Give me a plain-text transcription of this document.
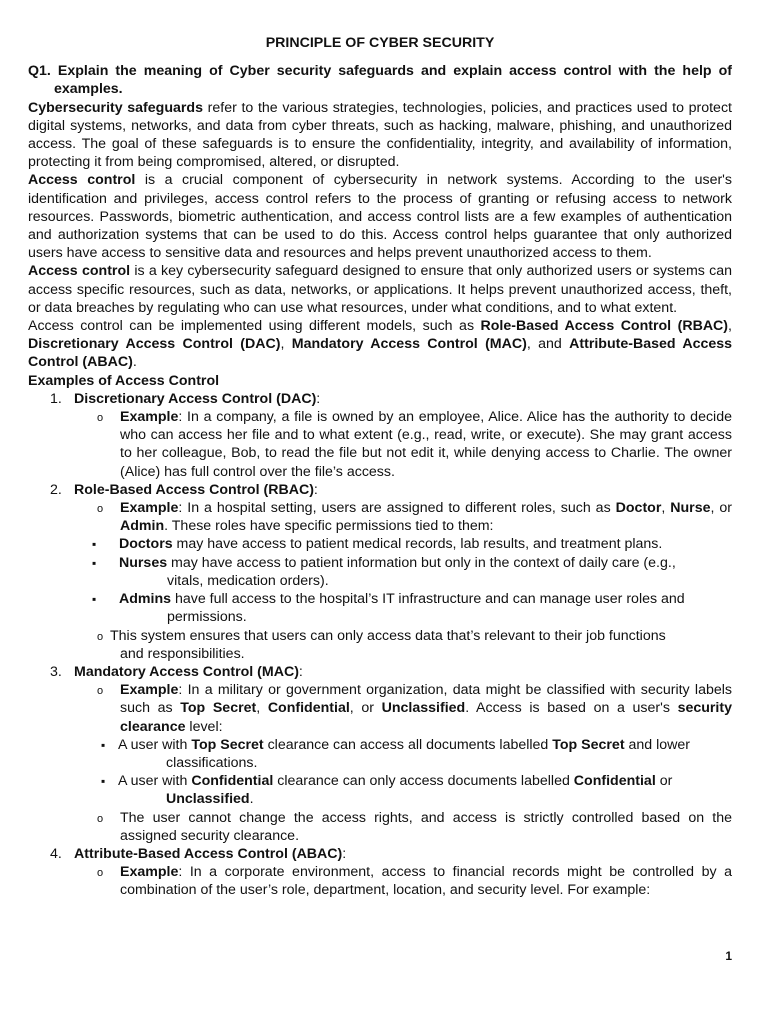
PRINCIPLE OF CYBER SECURITY

Q1. Explain the meaning of Cyber security safeguards and explain access control with the help of examples.

Cybersecurity safeguards refer to the various strategies, technologies, policies, and practices used to protect digital systems, networks, and data from cyber threats, such as hacking, malware, phishing, and unauthorized access. The goal of these safeguards is to ensure the confidentiality, integrity, and availability of information, protecting it from being compromised, altered, or disrupted.

Access control is a crucial component of cybersecurity in network systems. According to the user's identification and privileges, access control refers to the process of granting or refusing access to network resources. Passwords, biometric authentication, and access control lists are a few examples of authentication and authorization systems that can be used to do this. Access control helps guarantee that only authorized users have access to sensitive data and resources and helps prevent unauthorized access to them.

Access control is a key cybersecurity safeguard designed to ensure that only authorized users or systems can access specific resources, such as data, networks, or applications. It helps prevent unauthorized access, theft, or data breaches by regulating who can use what resources, under what conditions, and to what extent.

Access control can be implemented using different models, such as Role-Based Access Control (RBAC), Discretionary Access Control (DAC), Mandatory Access Control (MAC), and Attribute-Based Access Control (ABAC).

Examples of Access Control
1. Discretionary Access Control (DAC):
o Example: In a company, a file is owned by an employee, Alice. Alice has the authority to decide who can access her file and to what extent (e.g., read, write, or execute). She may grant access to her colleague, Bob, to read the file but not edit it, while denying access to Charlie. The owner (Alice) has full control over the file’s access.
2. Role-Based Access Control (RBAC):
o Example: In a hospital setting, users are assigned to different roles, such as Doctor, Nurse, or Admin. These roles have specific permissions tied to them:
▪ Doctors may have access to patient medical records, lab results, and treatment plans.
▪ Nurses may have access to patient information but only in the context of daily care (e.g.,
vitals, medication orders).
▪ Admins have full access to the hospital’s IT infrastructure and can manage user roles and
permissions.
o This system ensures that users can only access data that’s relevant to their job functions
and responsibilities.
3. Mandatory Access Control (MAC):
o Example: In a military or government organization, data might be classified with security labels such as Top Secret, Confidential, or Unclassified. Access is based on a user's security clearance level:
▪ A user with Top Secret clearance can access all documents labelled Top Secret and lower
classifications.
▪ A user with Confidential clearance can only access documents labelled Confidential or
Unclassified.
o The user cannot change the access rights, and access is strictly controlled based on the assigned security clearance.
4. Attribute-Based Access Control (ABAC):
o Example: In a corporate environment, access to financial records might be controlled by a combination of the user’s role, department, location, and security level. For example:
1
